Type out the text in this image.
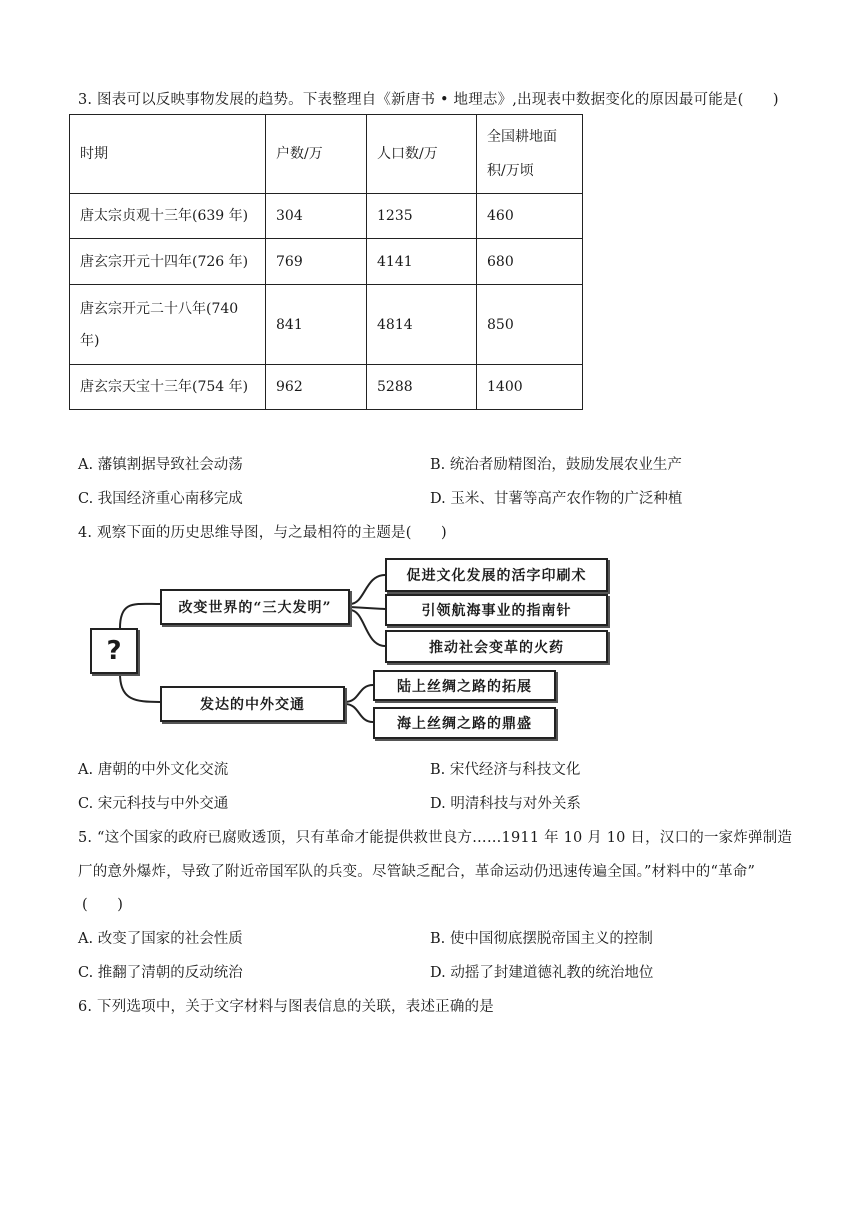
3. 图表可以反映事物发展的趋势。下表整理自《新唐书 • 地理志》,出现表中数据变化的原因最可能是(　　)
时期	户数/万	人口数/万	全国耕地面
积/万顷

唐太宗贞观十三年(639 年)	304	1235	460
唐玄宗开元十四年(726 年)	769	4141	680

唐玄宗开元二十八年(740
年)	841	4814	850
唐玄宗天宝十三年(754 年)	962	5288	1400
A. 藩镇割据导致社会动荡	B. 统治者励精图治，鼓励发展农业生产
C. 我国经济重心南移完成	D. 玉米、甘薯等高产农作物的广泛种植
4. 观察下面的历史思维导图，与之最相符的主题是(　　)
?
改变世界的“三大发明”
发达的中外交通
促进文化发展的活字印刷术
引领航海事业的指南针
推动社会变革的火药
陆上丝绸之路的拓展
海上丝绸之路的鼎盛
A. 唐朝的中外文化交流	B. 宋代经济与科技文化
C. 宋元科技与中外交通	D. 明清科技与对外关系
5. “这个国家的政府已腐败透顶，只有革命才能提供救世良方……1911 年 10 月 10 日，汉口的一家炸弹制造
厂的意外爆炸，导致了附近帝国军队的兵变。尽管缺乏配合，革命运动仍迅速传遍全国。”材料中的“革命”
(　　)
A. 改变了国家的社会性质	B. 使中国彻底摆脱帝国主义的控制
C. 推翻了清朝的反动统治	D. 动摇了封建道德礼教的统治地位
6. 下列选项中，关于文字材料与图表信息的关联，表述正确的是
